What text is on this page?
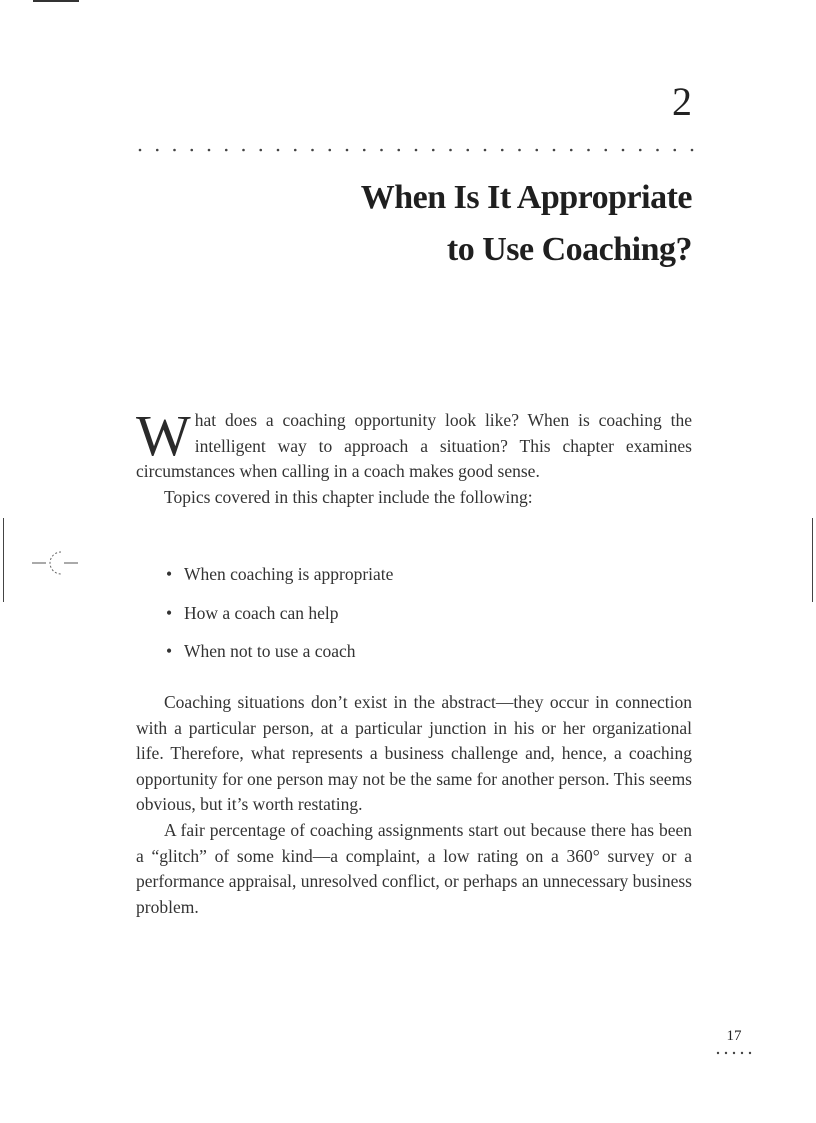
2
When Is It Appropriate
to Use Coaching?

What does a coaching opportunity look like? When is coaching the intelligent way to approach a situation? This chapter examines circumstances when calling in a coach makes good sense.

Topics covered in this chapter include the following:

• When coaching is appropriate
• How a coach can help
• When not to use a coach

Coaching situations don’t exist in the abstract—they occur in connection with a particular person, at a particular junction in his or her organizational life. Therefore, what represents a business challenge and, hence, a coaching opportunity for one person may not be the same for another person. This seems obvious, but it’s worth restating.

A fair percentage of coaching assignments start out because there has been a “glitch” of some kind—a complaint, a low rating on a 360° survey or a performance appraisal, unresolved conflict, or perhaps an unnecessary business problem.

17
